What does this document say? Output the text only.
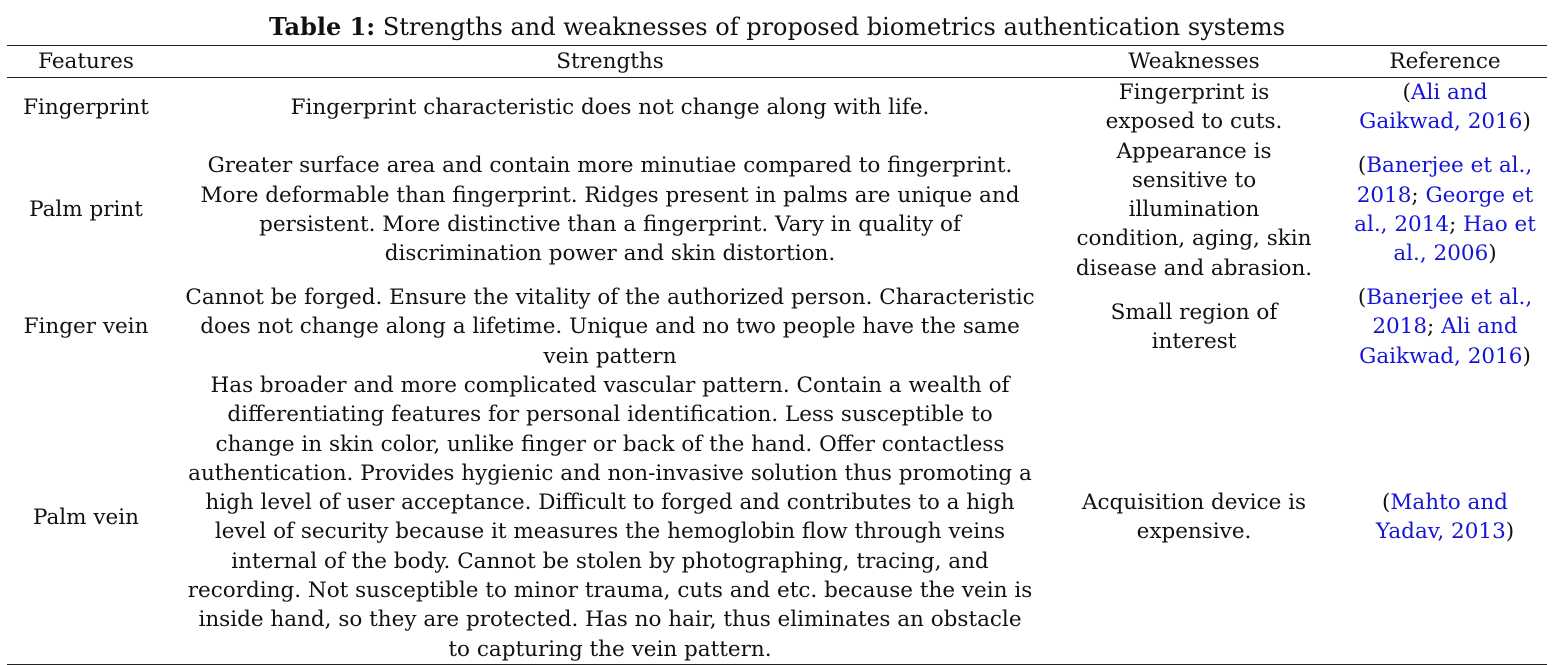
Table 1: Strengths and weaknesses of proposed biometrics authentication systems
Features	Strengths	Weaknesses	Reference
Fingerprint	Fingerprint characteristic does not change along with life.	Fingerprint is exposed to cuts.	(Ali and Gaikwad, 2016)
Palm print	Greater surface area and contain more minutiae compared to fingerprint. More deformable than fingerprint. Ridges present in palms are unique and persistent. More distinctive than a fingerprint. Vary in quality of discrimination power and skin distortion.	Appearance is sensitive to illumination condition, aging, skin disease and abrasion.	(Banerjee et al., 2018; George et al., 2014; Hao et al., 2006)
Finger vein	Cannot be forged. Ensure the vitality of the authorized person. Characteristic does not change along a lifetime. Unique and no two people have the same vein pattern	Small region of interest	(Banerjee et al., 2018; Ali and Gaikwad, 2016)
Palm vein	Has broader and more complicated vascular pattern. Contain a wealth of differentiating features for personal identification. Less susceptible to change in skin color, unlike finger or back of the hand. Offer contactless authentication. Provides hygienic and non-invasive solution thus promoting a high level of user acceptance. Difficult to forged and contributes to a high level of security because it measures the hemoglobin flow through veins internal of the body. Cannot be stolen by photographing, tracing, and recording. Not susceptible to minor trauma, cuts and etc. because the vein is inside hand, so they are protected. Has no hair, thus eliminates an obstacle to capturing the vein pattern.	Acquisition device is expensive.	(Mahto and Yadav, 2013)
